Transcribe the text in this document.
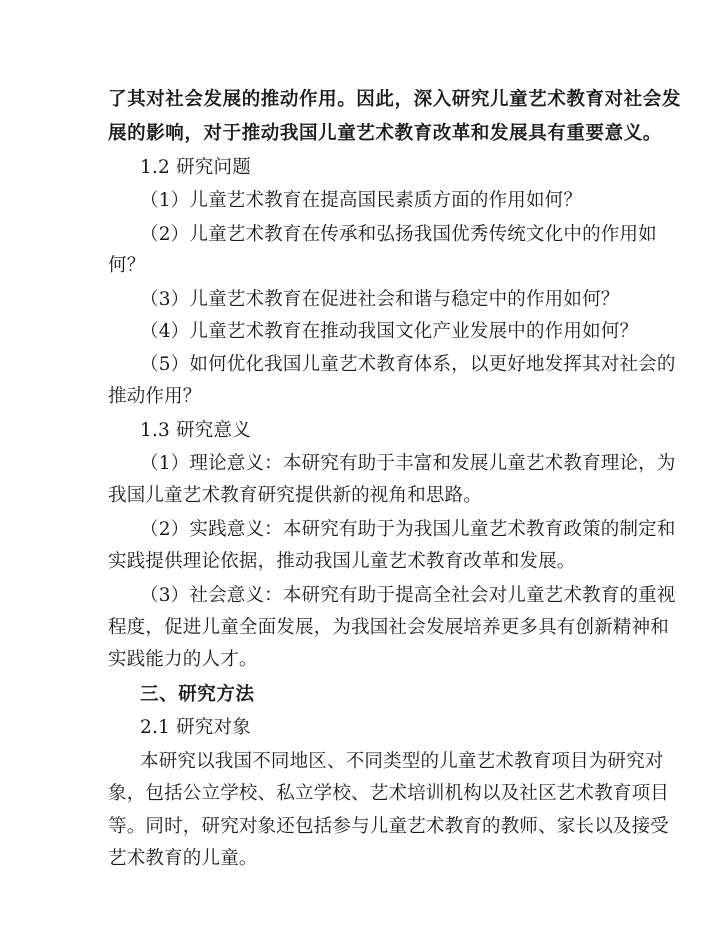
了其对社会发展的推动作用。因此，深入研究儿童艺术教育对社会发
展的影响，对于推动我国儿童艺术教育改革和发展具有重要意义。
1.2 研究问题
（1）儿童艺术教育在提高国民素质方面的作用如何？
（2）儿童艺术教育在传承和弘扬我国优秀传统文化中的作用如
何？
（3）儿童艺术教育在促进社会和谐与稳定中的作用如何？
（4）儿童艺术教育在推动我国文化产业发展中的作用如何？
（5）如何优化我国儿童艺术教育体系，以更好地发挥其对社会的
推动作用？
1.3 研究意义
（1）理论意义：本研究有助于丰富和发展儿童艺术教育理论，为
我国儿童艺术教育研究提供新的视角和思路。
（2）实践意义：本研究有助于为我国儿童艺术教育政策的制定和
实践提供理论依据，推动我国儿童艺术教育改革和发展。
（3）社会意义：本研究有助于提高全社会对儿童艺术教育的重视
程度，促进儿童全面发展，为我国社会发展培养更多具有创新精神和
实践能力的人才。
三、研究方法
2.1 研究对象
本研究以我国不同地区、不同类型的儿童艺术教育项目为研究对
象，包括公立学校、私立学校、艺术培训机构以及社区艺术教育项目
等。同时，研究对象还包括参与儿童艺术教育的教师、家长以及接受
艺术教育的儿童。
